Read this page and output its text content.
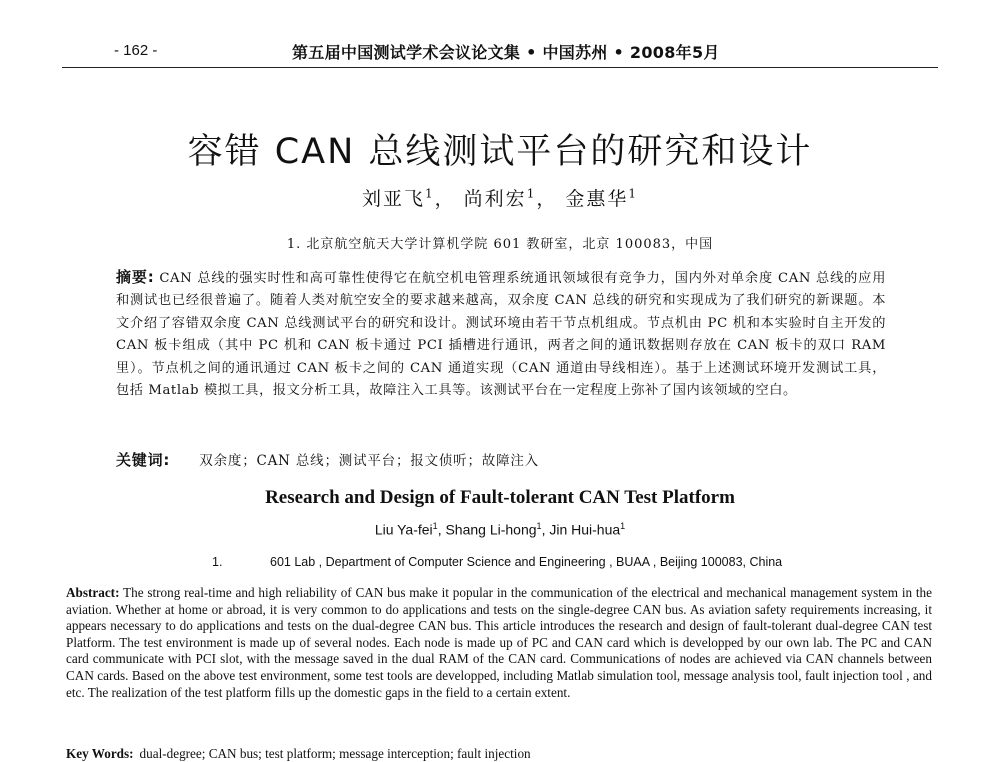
- 162 -	第五届中国测试学术会议论文集 • 中国苏州 • 2008年5月
容错 CAN 总线测试平台的研究和设计
刘亚飞$^1$， 尚利宏$^1$， 金惠华$^1$
1. 北京航空航天大学计算机学院 601 教研室，北京 100083，中国
摘要: CAN 总线的强实时性和高可靠性使得它在航空机电管理系统通讯领域很有竞争力，国内外对单余度 CAN 总线的应用和测试也已经很普遍了。随着人类对航空安全的要求越来越高，双余度 CAN 总线的研究和实现成为了我们研究的新课题。本文介绍了容错双余度 CAN 总线测试平台的研究和设计。测试环境由若干节点机组成。节点机由 PC 机和本实验时自主开发的 CAN 板卡组成（其中 PC 机和 CAN 板卡通过 PCI 插槽进行通讯，两者之间的通讯数据则存放在 CAN 板卡的双口 RAM 里）。节点机之间的通讯通过 CAN 板卡之间的 CAN 通道实现（CAN 通道由导线相连）。基于上述测试环境开发测试工具，包括 Matlab 模拟工具，报文分析工具，故障注入工具等。该测试平台在一定程度上弥补了国内该领域的空白。
关键词: 双余度；CAN 总线；测试平台；报文侦听；故障注入
Research and Design of Fault-tolerant CAN Test Platform
Liu Ya-fei$^1$, Shang Li-hong$^1$, Jin Hui-hua$^1$
1.	601 Lab , Department of Computer Science and Engineering , BUAA , Beijing 100083, China
Abstract: The strong real-time and high reliability of CAN bus make it popular in the communication of the electrical and mechanical management system in the aviation. Whether at home or abroad, it is very common to do applications and tests on the single-degree CAN bus. As aviation safety requirements increasing, it appears necessary to do applications and tests on the dual-degree CAN bus. This article introduces the research and design of fault-tolerant dual-degree CAN test Platform. The test environment is made up of several nodes. Each node is made up of PC and CAN card which is developped by our own lab. The PC and CAN card communicate with PCI slot, with the message saved in the dual RAM of the CAN card. Communications of nodes are achieved via CAN channels between CAN cards. Based on the above test environment, some test tools are developped, including Matlab simulation tool, message analysis tool, fault injection tool , and etc. The realization of the test platform fills up the domestic gaps in the field to a certain extent.
Key Words: dual-degree; CAN bus; test platform; message interception; fault injection
